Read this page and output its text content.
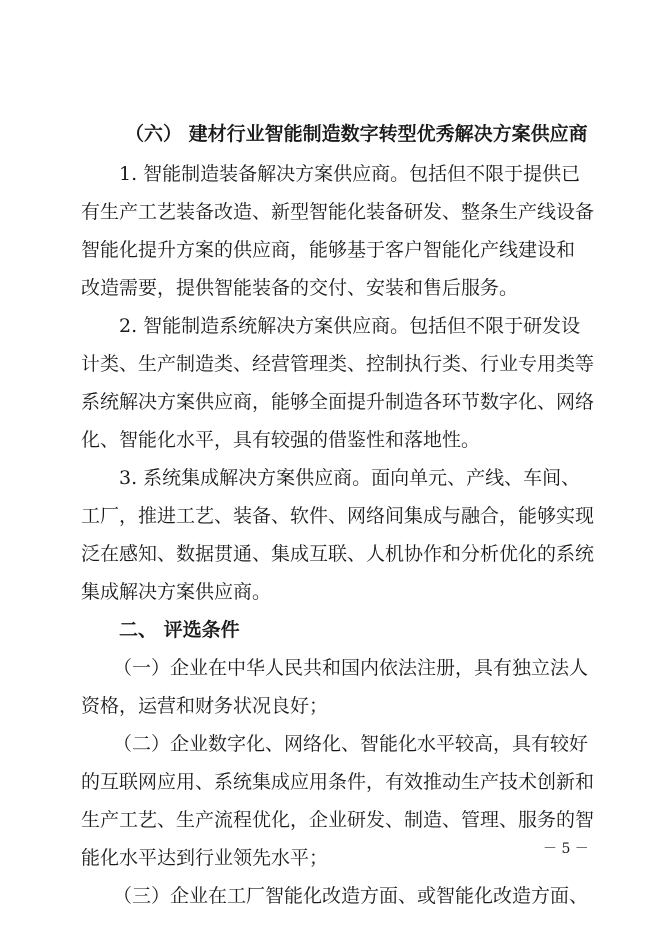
（六） 建材行业智能制造数字转型优秀解决方案供应商
1. 智能制造装备解决方案供应商。包括但不限于提供已
有生产工艺装备改造、新型智能化装备研发、整条生产线设备
智能化提升方案的供应商，能够基于客户智能化产线建设和
改造需要，提供智能装备的交付、安装和售后服务。
2. 智能制造系统解决方案供应商。包括但不限于研发设
计类、生产制造类、经营管理类、控制执行类、行业专用类等
系统解决方案供应商，能够全面提升制造各环节数字化、网络
化、智能化水平，具有较强的借鉴性和落地性。
3. 系统集成解决方案供应商。面向单元、产线、车间、
工厂，推进工艺、装备、软件、网络间集成与融合，能够实现
泛在感知、数据贯通、集成互联、人机协作和分析优化的系统
集成解决方案供应商。
二、 评选条件
（一）企业在中华人民共和国内依法注册，具有独立法人
资格，运营和财务状况良好；
（二）企业数字化、网络化、智能化水平较高，具有较好
的互联网应用、系统集成应用条件，有效推动生产技术创新和
生产工艺、生产流程优化，企业研发、制造、管理、服务的智
能化水平达到行业领先水平；
（三）企业在工厂智能化改造方面、或智能化改造方面、
－ 5 －
